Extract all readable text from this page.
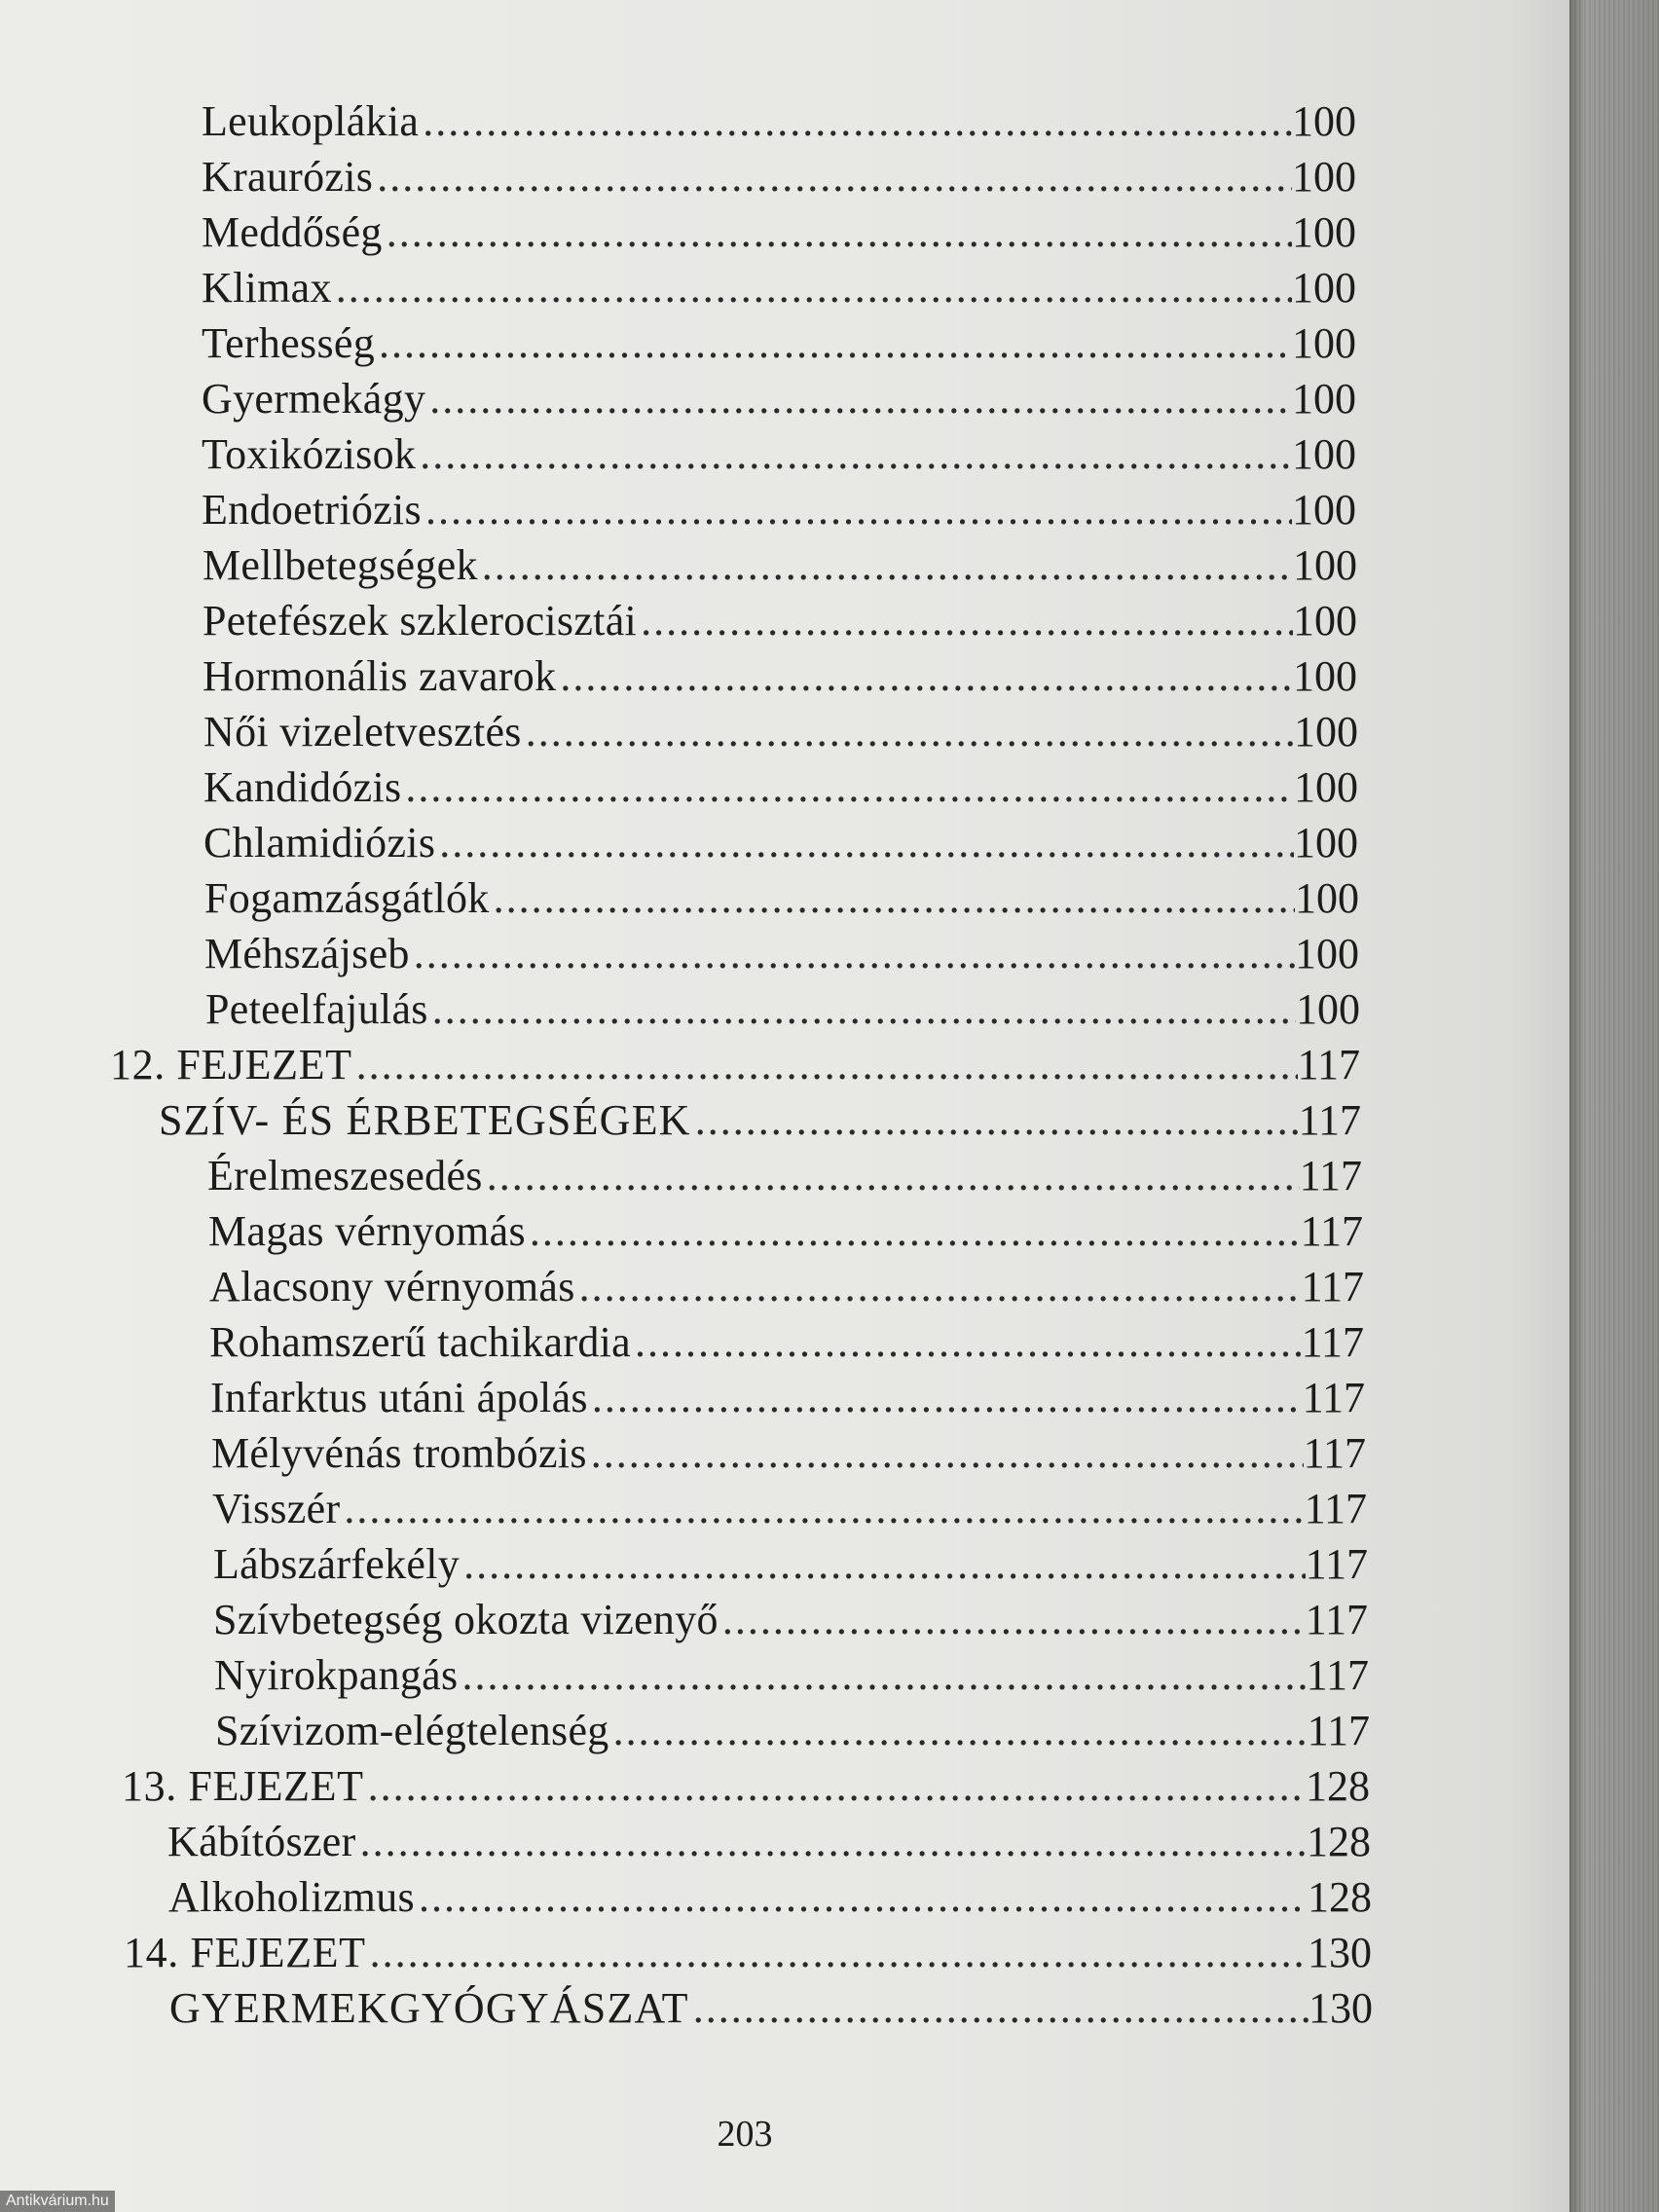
Leukoplákia .....	100
Kraurózis .....	100
Meddőség .....	100
Klimax .....	100
Terhesség .....	100
Gyermekágy .....	100
Toxikózisok .....	100
Endoetriózis .....	100
Mellbetegségek .....	100
Petefészek szklerocisztái .....	100
Hormonális zavarok .....	100
Női vizeletvesztés .....	100
Kandidózis .....	100
Chlamidiózis .....	100
Fogamzásgátlók .....	100
Méhszájseb .....	100
Peteelfajulás .....	100
12. FEJEZET .....	117
SZÍV- ÉS ÉRBETEGSÉGEK .....	117
Érelmeszesedés .....	117
Magas vérnyomás .....	117
Alacsony vérnyomás .....	117
Rohamszerű tachikardia .....	117
Infarktus utáni ápolás .....	117
Mélyvénás trombózis .....	117
Visszér .....	117
Lábszárfekély .....	117
Szívbetegség okozta vizenyő .....	117
Nyirokpangás .....	117
Szívizom-elégtelenség .....	117
13. FEJEZET .....	128
Kábítószer .....	128
Alkoholizmus .....	128
14. FEJEZET .....	130
GYERMEKGYÓGYÁSZAT .....	130
203
Antikvárium.hu
